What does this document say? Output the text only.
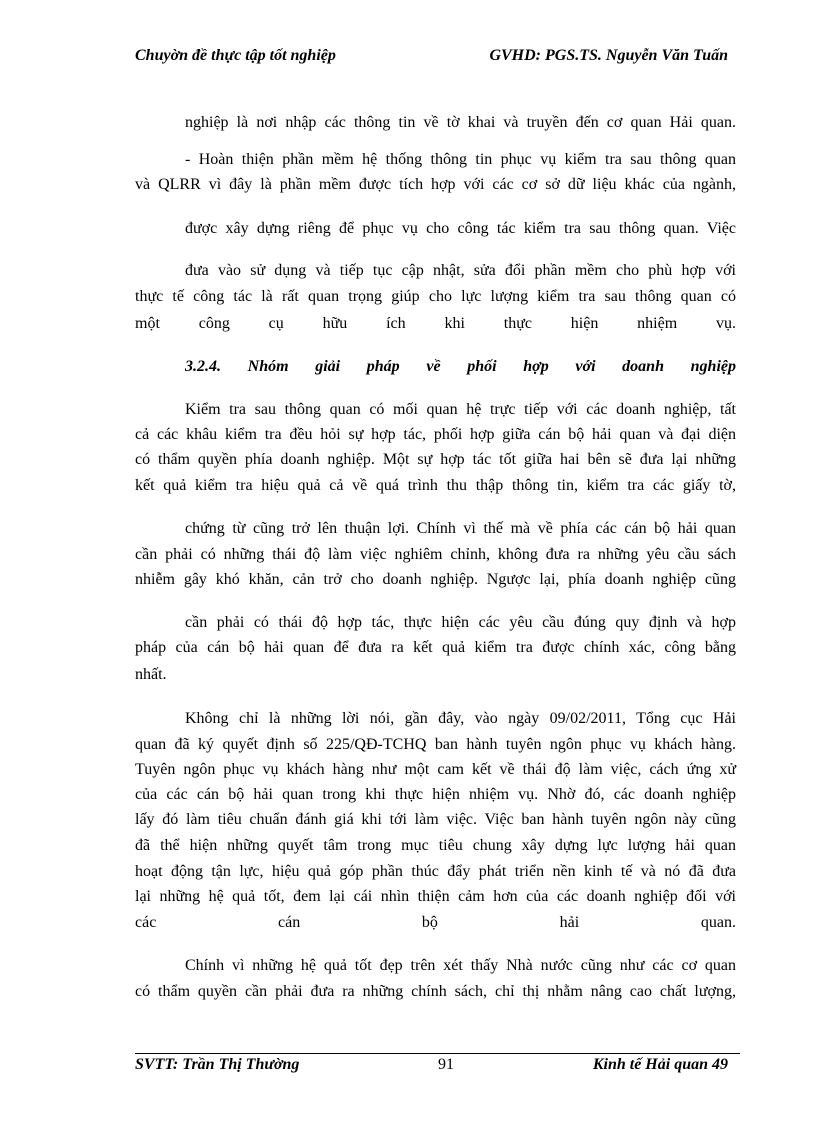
Chuyờn đề thực tập tốt nghiệp	GVHD: PGS.TS. Nguyễn Văn Tuấn
nghiệp là nơi nhập các thông tin về tờ khai và truyền đến cơ quan Hải quan.
- Hoàn thiện phần mềm hệ thống thông tin phục vụ kiểm tra sau thông quan
và QLRR vì đây là phần mềm được tích hợp với các cơ sở dữ liệu khác của ngành,
được xây dựng riêng để phục vụ cho công tác kiểm tra sau thông quan. Việc
đưa vào sử dụng và tiếp tục cập nhật, sửa đổi phần mềm cho phù hợp với
thực tế công tác là rất quan trọng giúp cho lực lượng kiểm tra sau thông quan có
một công cụ hữu ích khi thực hiện nhiệm vụ.
3.2.4. Nhóm giải pháp về phối hợp với doanh nghiệp
Kiểm tra sau thông quan có mối quan hệ trực tiếp với các doanh nghiệp, tất
cả các khâu kiểm tra đều hỏi sự hợp tác, phối hợp giữa cán bộ hải quan và đại diện
có thẩm quyền phía doanh nghiệp. Một sự hợp tác tốt giữa hai bên sẽ đưa lại những
kết quả kiểm tra hiệu quả cả về quá trình thu thập thông tin, kiểm tra các giấy tờ,
chứng từ cũng trở lên thuận lợi. Chính vì thế mà về phía các cán bộ hải quan
cần phải có những thái độ làm việc nghiêm chỉnh, không đưa ra những yêu cầu sách
nhiễm gây khó khăn, cản trở cho doanh nghiệp. Ngược lại, phía doanh nghiệp cũng
cần phải có thái độ hợp tác, thực hiện các yêu cầu đúng quy định và hợp
pháp của cán bộ hải quan để đưa ra kết quả kiểm tra được chính xác, công bằng
nhất.
Không chỉ là những lời nói, gần đây, vào ngày 09/02/2011, Tổng cục Hải
quan đã ký quyết định số 225/QĐ-TCHQ ban hành tuyên ngôn phục vụ khách hàng.
Tuyên ngôn phục vụ khách hàng như một cam kết về thái độ làm việc, cách ứng xử
của các cán bộ hải quan trong khi thực hiện nhiệm vụ. Nhờ đó, các doanh nghiệp
lấy đó làm tiêu chuẩn đánh giá khi tới làm việc. Việc ban hành tuyên ngôn này cũng
đã thể hiện những quyết tâm trong mục tiêu chung xây dựng lực lượng hải quan
hoạt động tận lực, hiệu quả góp phần thúc đẩy phát triển nền kinh tế và nó đã đưa
lại những hệ quả tốt, đem lại cái nhìn thiện cảm hơn của các doanh nghiệp đối với
các cán bộ hải quan.
Chính vì những hệ quả tốt đẹp trên xét thấy Nhà nước cũng như các cơ quan
có thẩm quyền cần phải đưa ra những chính sách, chỉ thị nhằm nâng cao chất lượng,
SVTT: Trần Thị Thường	91	Kinh tế Hải quan 49
